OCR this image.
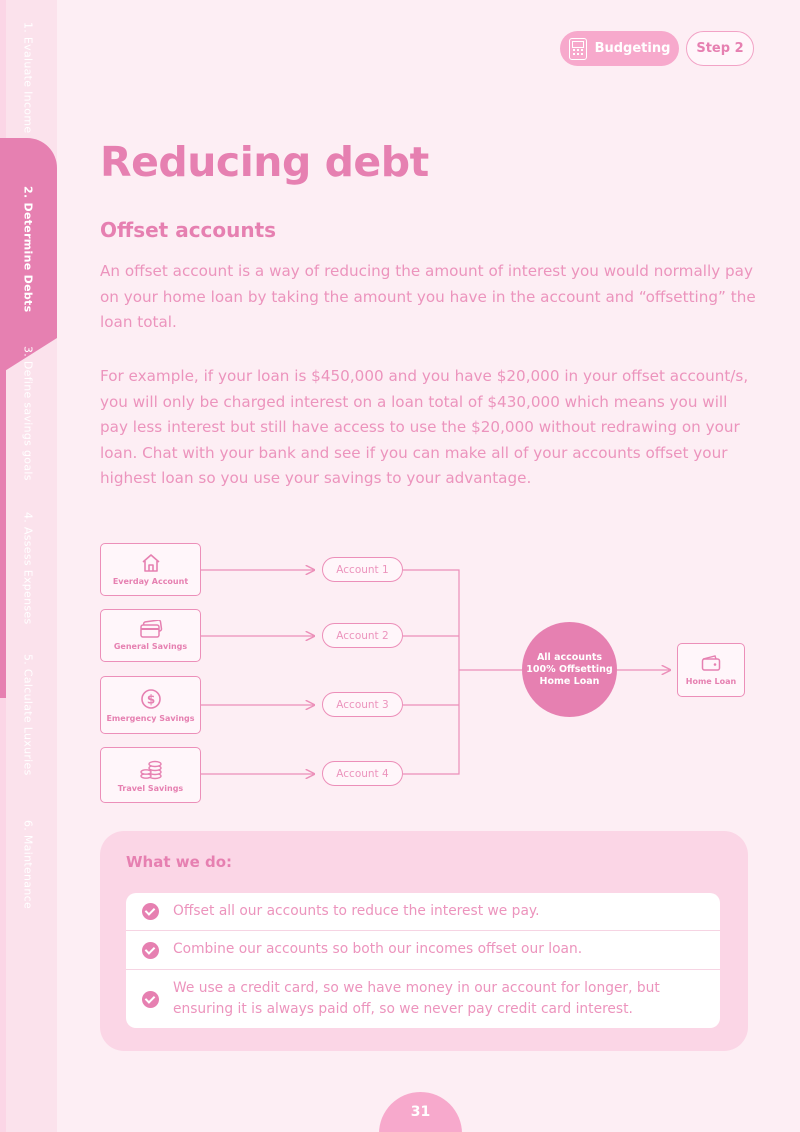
1. Evaluate Income
2. Determine Debts
3. Define savings goals
4. Assess Expenses
5. Calculate Luxuries
6. Maintenance
Budgeting Step 2
Reducing debt
Offset accounts

An offset account is a way of reducing the amount of interest you would normally pay on your home loan by taking the amount you have in the account and “offsetting” the loan total.

For example, if your loan is $450,000 and you have $20,000 in your offset account/s, you will only be charged interest on a loan total of $430,000 which means you will pay less interest but still have access to use the $20,000 without redrawing on your loan. Chat with your bank and see if you can make all of your accounts offset your highest loan so you use your savings to your advantage.

Everday Account
General Savings
$
Emergency Savings
Travel Savings
Account 1
Account 2
Account 3
Account 4
All accounts
100% Offsetting
Home Loan	Home Loan
What we do:
Offset all our accounts to reduce the interest we pay.
Combine our accounts so both our incomes offset our loan.
We use a credit card, so we have money in our account for longer, but ensuring it is always paid off, so we never pay credit card interest.
31
